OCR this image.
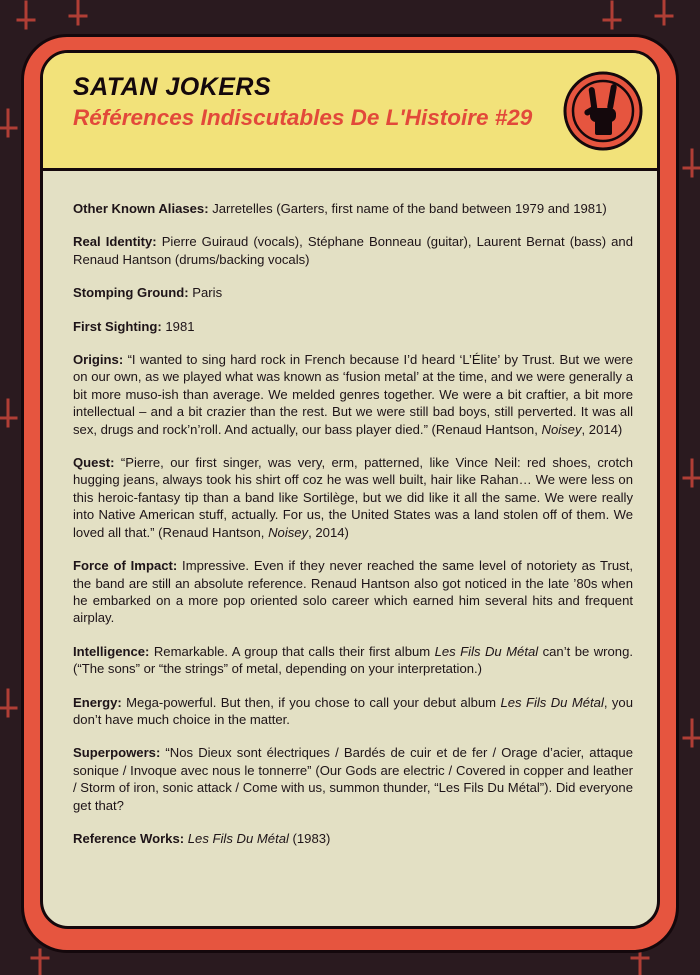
SATAN JOKERS
Références Indiscutables De L'Histoire #29

Other Known Aliases: Jarretelles (Garters, first name of the band between 1979 and 1981)

Real Identity: Pierre Guiraud (vocals), Stéphane Bonneau (guitar), Laurent Bernat (bass) and Renaud Hantson (drums/backing vocals)

Stomping Ground: Paris

First Sighting: 1981

Origins: “I wanted to sing hard rock in French because I’d heard ‘L’Élite’ by Trust. But we were on our own, as we played what was known as ‘fusion metal’ at the time, and we were generally a bit more muso-ish than average. We melded genres together. We were a bit craftier, a bit more intellectual – and a bit crazier than the rest. But we were still bad boys, still perverted. It was all sex, drugs and rock’n’roll. And actually, our bass player died.” (Renaud Hantson, Noisey, 2014)

Quest: “Pierre, our first singer, was very, erm, patterned, like Vince Neil: red shoes, crotch hugging jeans, always took his shirt off coz he was well built, hair like Rahan… We were less on this heroic-fantasy tip than a band like Sortilège, but we did like it all the same. We were really into Native American stuff, actually. For us, the United States was a land stolen off of them. We loved all that.” (Renaud Hantson, Noisey, 2014)

Force of Impact: Impressive. Even if they never reached the same level of notoriety as Trust, the band are still an absolute reference. Renaud Hantson also got noticed in the late ’80s when he embarked on a more pop oriented solo career which earned him several hits and frequent airplay.

Intelligence: Remarkable. A group that calls their first album Les Fils Du Métal can’t be wrong. (“The sons” or “the strings” of metal, depending on your interpretation.)

Energy: Mega-powerful. But then, if you chose to call your debut album Les Fils Du Métal, you don’t have much choice in the matter.

Superpowers: “Nos Dieux sont électriques / Bardés de cuir et de fer / Orage d’acier, attaque sonique / Invoque avec nous le tonnerre” (Our Gods are electric / Covered in copper and leather / Storm of iron, sonic attack / Come with us, summon thunder, “Les Fils Du Métal”). Did everyone get that?

Reference Works: Les Fils Du Métal (1983)
